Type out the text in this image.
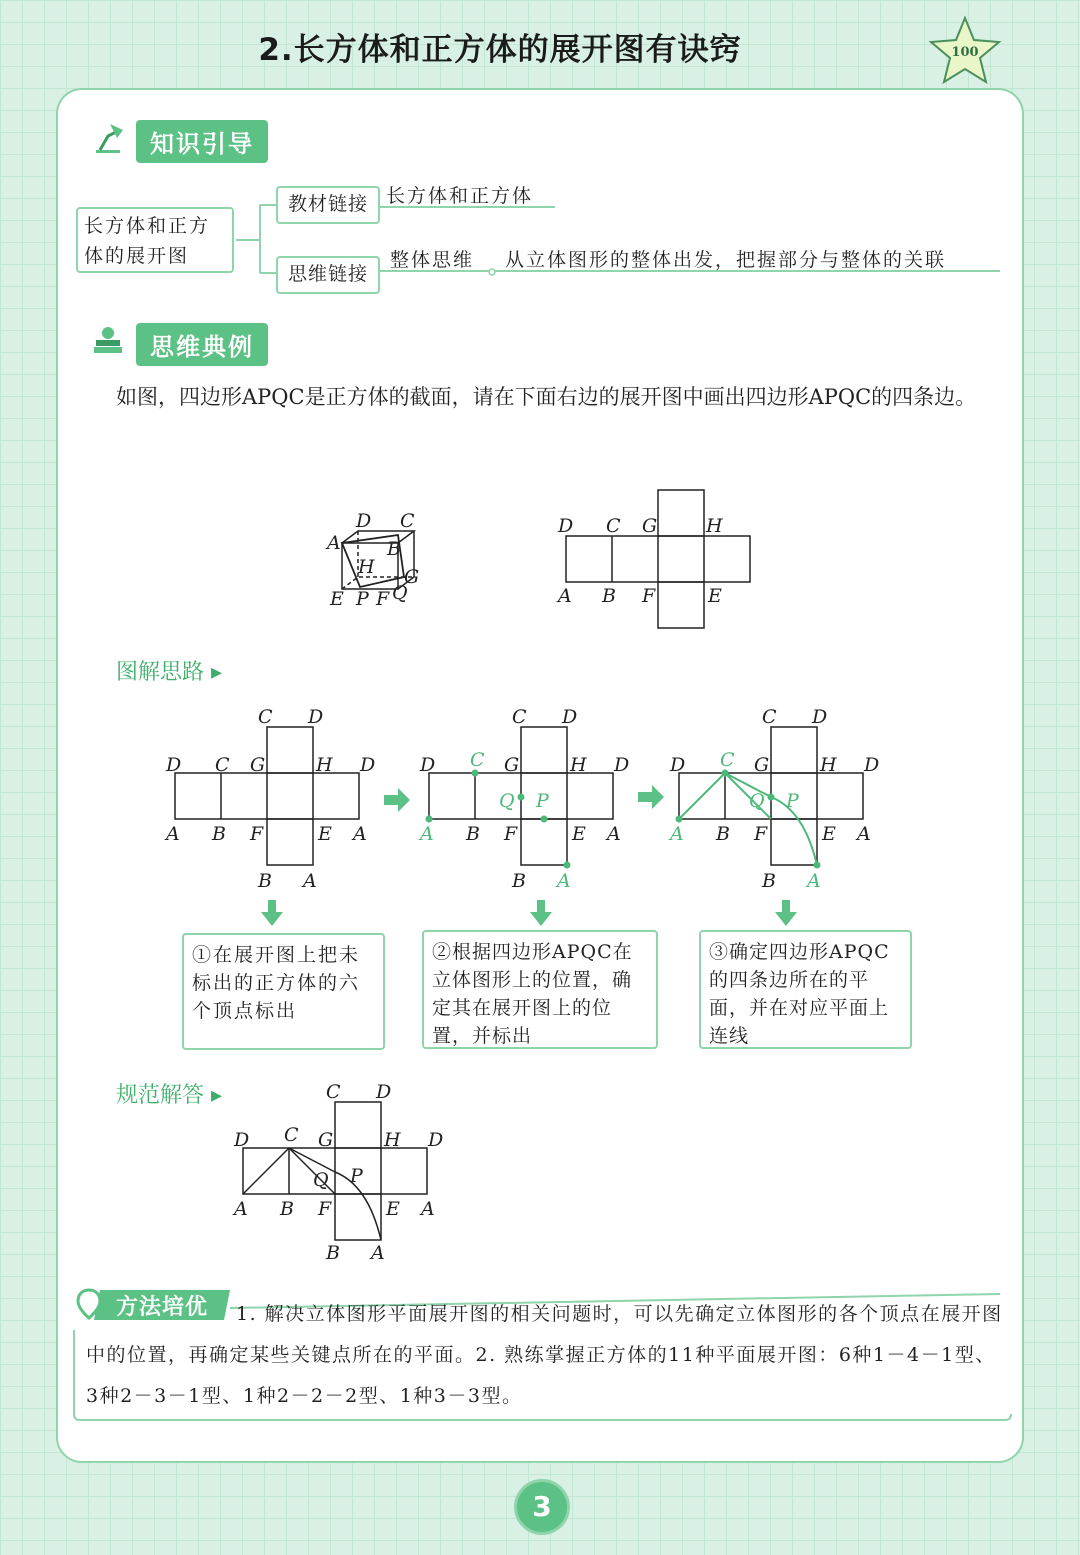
2.长方体和正方体的展开图有诀窍	100
知识引导
长方体和正方体的展开图
教材链接 长方体和正方体
思维链接
整体思维 从立体图形的整体出发，把握部分与整体的关联
思维典例
如图，四边形APQC是正方体的截面，请在下面右边的展开图中画出四边形APQC的四条边。
D C
A B
H G
E P F Q
D C G	H
A B F	E
图解思路 ▸
C D
D C G	H D
A B F	E A
B A
C D
D C G	H D
Q P
A B F	E A
B A
C D
D C G	H D
Q P
A B F	E A
B A
①在展开图上把未标出的正方体的六个顶点标出
②根据四边形APQC在立体图形上的位置，确定其在展开图上的位置，并标出
③确定四边形APQC的四条边所在的平面，并在对应平面上连线
规范解答 ▸	C D
D C G	H D
Q P
A B F	E A
B A
方法培优	1. 解决立体图形平面展开图的相关问题时，可以先确定立体图形的各个顶点在展开图中的位置，再确定某些关键点所在的平面。2. 熟练掌握正方体的11种平面展开图：6种1－4－1型、3种2－3－1型、1种2－2－2型、1种3－3型。
3
